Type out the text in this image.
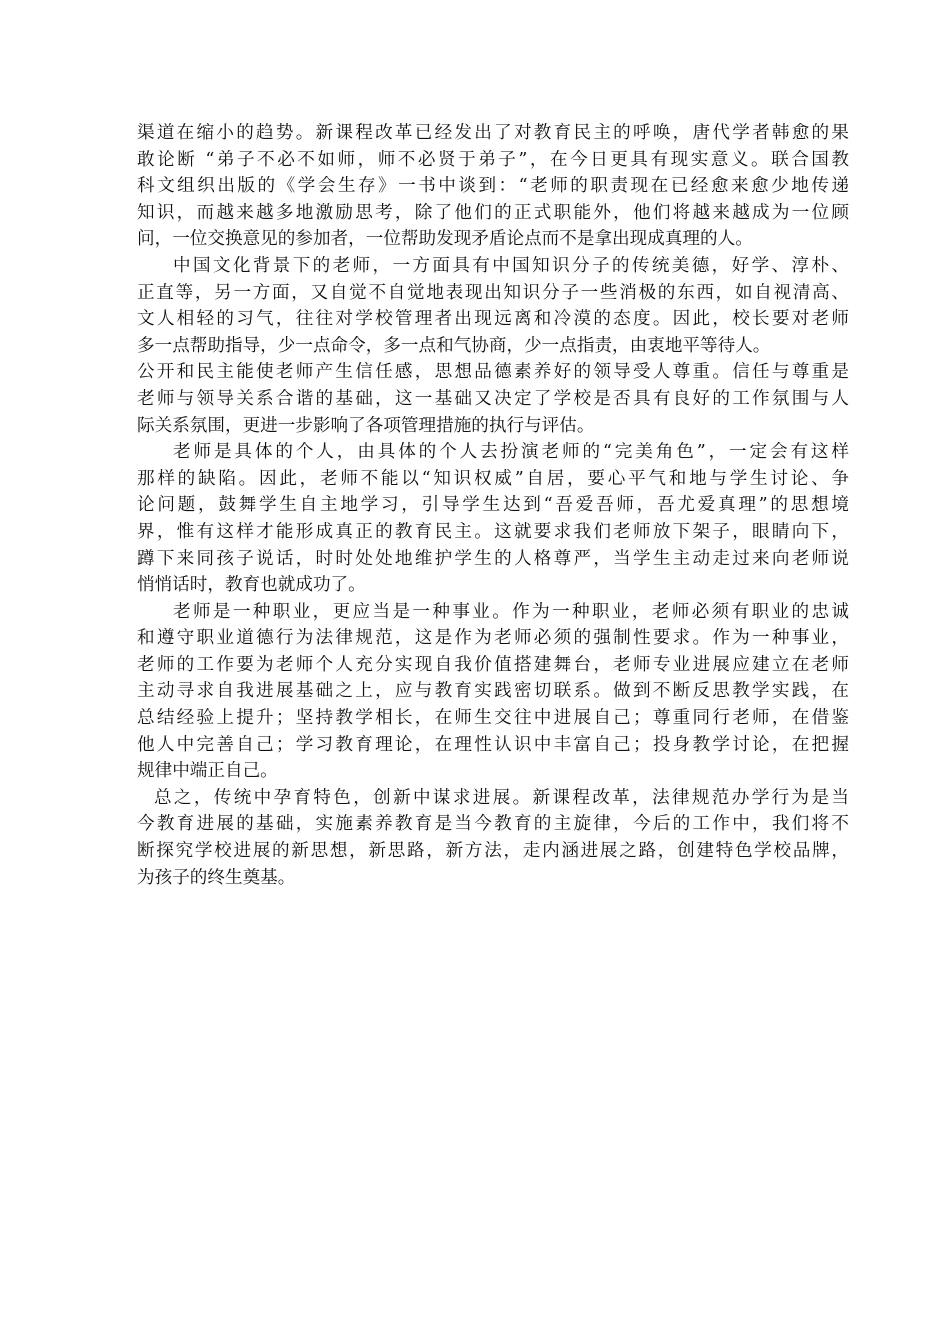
渠道在缩小的趋势。新课程改革已经发出了对教育民主的呼唤，唐代学者韩愈的果
敢论断 “弟子不必不如师，师不必贤于弟子”，在今日更具有现实意义。联合国教
科文组织出版的《学会生存》一书中谈到：“老师的职责现在已经愈来愈少地传递
知识，而越来越多地激励思考，除了他们的正式职能外，他们将越来越成为一位顾
问，一位交换意见的参加者，一位帮助发现矛盾论点而不是拿出现成真理的人。
中国文化背景下的老师，一方面具有中国知识分子的传统美德，好学、淳朴、
正直等，另一方面，又自觉不自觉地表现出知识分子一些消极的东西，如自视清高、
文人相轻的习气，往往对学校管理者出现远离和冷漠的态度。因此，校长要对老师
多一点帮助指导，少一点命令，多一点和气协商，少一点指责，由衷地平等待人。
公开和民主能使老师产生信任感，思想品德素养好的领导受人尊重。信任与尊重是
老师与领导关系合谐的基础，这一基础又决定了学校是否具有良好的工作氛围与人
际关系氛围，更进一步影响了各项管理措施的执行与评估。
老师是具体的个人，由具体的个人去扮演老师的“完美角色”，一定会有这样
那样的缺陷。因此，老师不能以“知识权威”自居，要心平气和地与学生讨论、争
论问题，鼓舞学生自主地学习，引导学生达到“吾爱吾师，吾尤爱真理”的思想境
界，惟有这样才能形成真正的教育民主。这就要求我们老师放下架子，眼睛向下，
蹲下来同孩子说话，时时处处地维护学生的人格尊严，当学生主动走过来向老师说
悄悄话时，教育也就成功了。
老师是一种职业，更应当是一种事业。作为一种职业，老师必须有职业的忠诚
和遵守职业道德行为法律规范，这是作为老师必须的强制性要求。作为一种事业，
老师的工作要为老师个人充分实现自我价值搭建舞台，老师专业进展应建立在老师
主动寻求自我进展基础之上，应与教育实践密切联系。做到不断反思教学实践，在
总结经验上提升；坚持教学相长，在师生交往中进展自己；尊重同行老师，在借鉴
他人中完善自己；学习教育理论，在理性认识中丰富自己；投身教学讨论，在把握
规律中端正自己。
总之，传统中孕育特色，创新中谋求进展。新课程改革，法律规范办学行为是当
今教育进展的基础，实施素养教育是当今教育的主旋律，今后的工作中，我们将不
断探究学校进展的新思想，新思路，新方法，走内涵进展之路，创建特色学校品牌，
为孩子的终生奠基。
